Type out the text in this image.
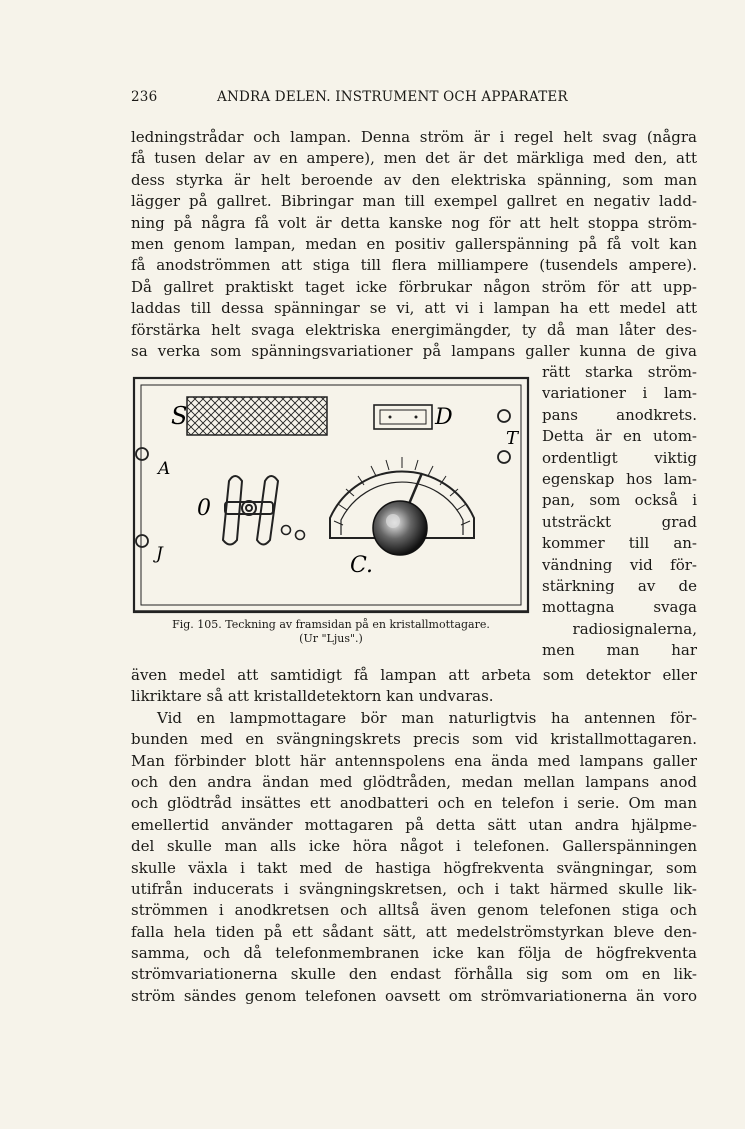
236	ANDRA DELEN. INSTRUMENT OCH APPARATER
ledningstrådar och lampan. Denna ström är i regel helt svag (några
få tusen delar av en ampere), men det är det märkliga med den, att
dess styrka är helt beroende av den elektriska spänning, som man
lägger på gallret. Bibringar man till exempel gallret en negativ ladd-
ning på några få volt är detta kanske nog för att helt stoppa ström-
men genom lampan, medan en positiv gallerspänning på få volt kan
få anodströmmen att stiga till flera milliampere (tusendels ampere).
Då gallret praktiskt taget icke förbrukar någon ström för att upp-
laddas till dessa spänningar se vi, att vi i lampan ha ett medel att
förstärka helt svaga elektriska energimängder, ty då man låter des-
sa verka som spänningsvariationer på lampans galler kunna de giva
rätt starka ström-
variationer i lam-
pans anodkrets.
Detta är en utom-
ordentligt viktig
egenskap hos lam-
pan, som också i
utsträckt grad
kommer till an-
vändning vid för-
stärkning av de
mottagna svaga
radiosignalerna,
men man har
S	D
T
A
J
0
C.
Fig. 105. Teckning av framsidan på en kristallmottagare.
(Ur "Ljus".)
även medel att samtidigt få lampan att arbeta som detektor eller
likriktare så att kristalldetektorn kan undvaras.
Vid en lampmottagare bör man naturligtvis ha antennen för-
bunden med en svängningskrets precis som vid kristallmottagaren.
Man förbinder blott här antennspolens ena ända med lampans galler
och den andra ändan med glödtråden, medan mellan lampans anod
och glödtråd insättes ett anodbatteri och en telefon i serie. Om man
emellertid använder mottagaren på detta sätt utan andra hjälpme-
del skulle man alls icke höra något i telefonen. Gallerspänningen
skulle växla i takt med de hastiga högfrekventa svängningar, som
utifrån inducerats i svängningskretsen, och i takt härmed skulle lik-
strömmen i anodkretsen och alltså även genom telefonen stiga och
falla hela tiden på ett sådant sätt, att medelströmstyrkan bleve den-
samma, och då telefonmembranen icke kan följa de högfrekventa
strömvariationerna skulle den endast förhålla sig som om en lik-
ström sändes genom telefonen oavsett om strömvariationerna än voro
